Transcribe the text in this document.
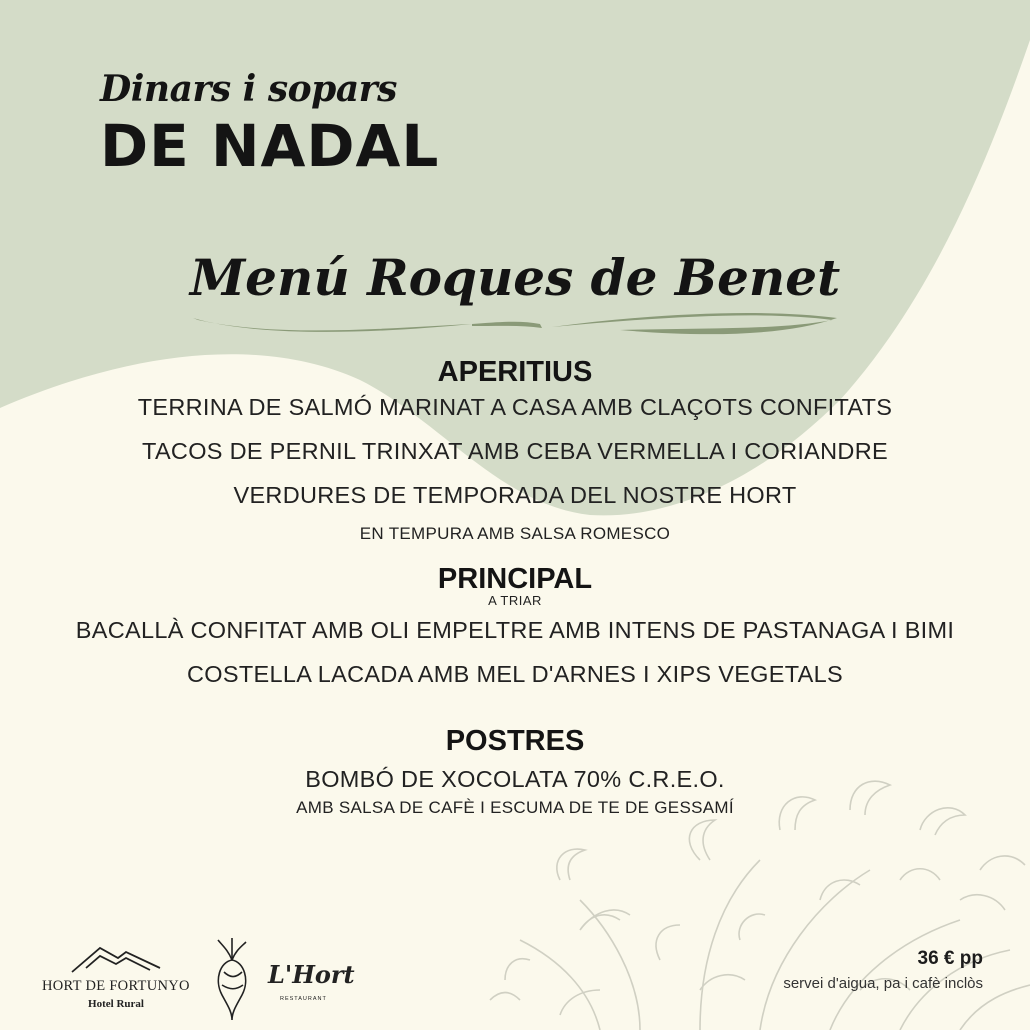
Dinars i sopars
DE NADAL
Menú Roques de Benet
APERITIUS
TERRINA DE SALMÓ MARINAT A CASA AMB CLAÇOTS CONFITATS
TACOS DE PERNIL TRINXAT AMB CEBA VERMELLA I CORIANDRE
VERDURES DE TEMPORADA DEL NOSTRE HORT
EN TEMPURA AMB SALSA ROMESCO
PRINCIPAL
A TRIAR
BACALLÀ CONFITAT AMB OLI EMPELTRE AMB INTENS DE PASTANAGA I BIMI
COSTELLA LACADA AMB MEL D'ARNES I XIPS VEGETALS
POSTRES
BOMBÓ DE XOCOLATA 70% C.R.E.O.
AMB SALSA DE CAFÈ I ESCUMA DE TE DE GESSAMÍ
HORT DE FORTUNYO
Hotel Rural
L'Hort
RESTAURANT
36 € pp
servei d'aigua, pa i cafè inclòs
